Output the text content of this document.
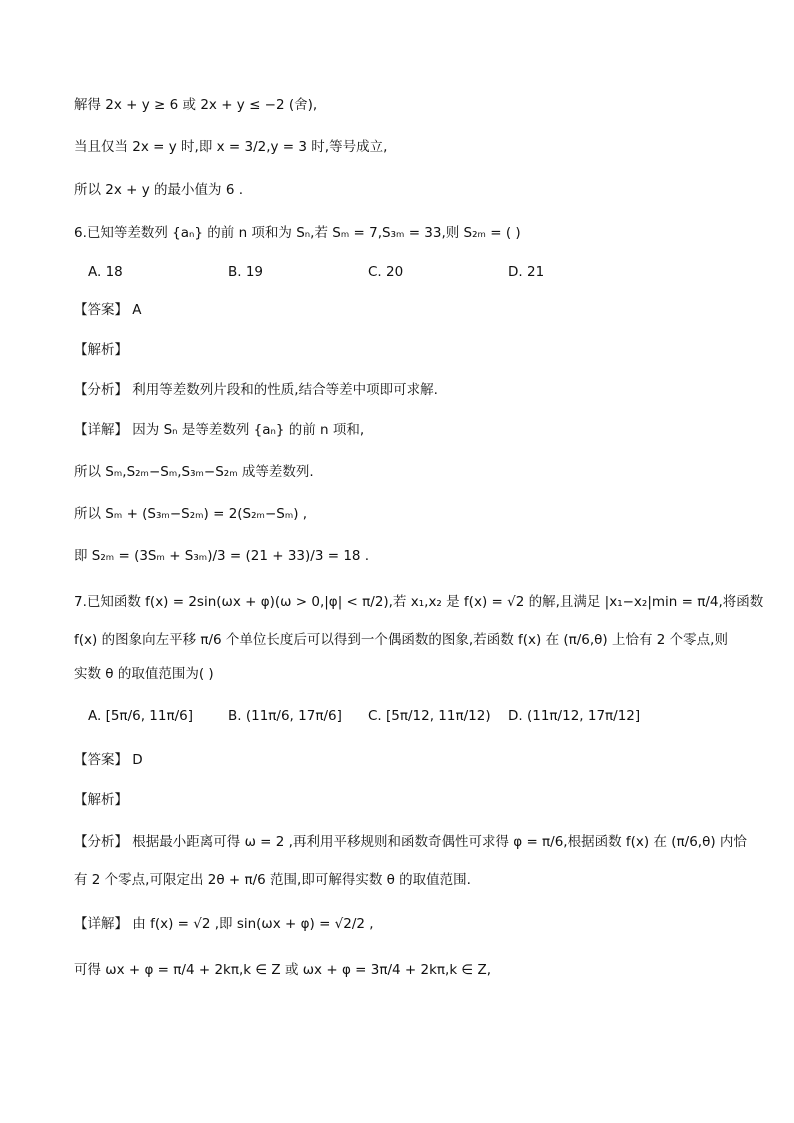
解得 2x + y ≥ 6 或 2x + y ≤ −2 (舍),
当且仅当 2x = y 时,即 x = 3/2,y = 3 时,等号成立,
所以 2x + y 的最小值为 6 .
6.已知等差数列 {aₙ} 的前 n 项和为 Sₙ,若 Sₘ = 7,S₃ₘ = 33,则 S₂ₘ = ( )
A. 18	B. 19	C. 20	D. 21
【答案】 A
【解析】
【分析】 利用等差数列片段和的性质,结合等差中项即可求解.
【详解】 因为 Sₙ 是等差数列 {aₙ} 的前 n 项和,
所以 Sₘ,S₂ₘ−Sₘ,S₃ₘ−S₂ₘ 成等差数列.
所以 Sₘ + (S₃ₘ−S₂ₘ) = 2(S₂ₘ−Sₘ) ,
即 S₂ₘ = (3Sₘ + S₃ₘ)/3 = (21 + 33)/3 = 18 .
7.已知函数 f(x) = 2sin(ωx + φ)(ω > 0,|φ| < π/2),若 x₁,x₂ 是 f(x) = √2 的解,且满足 |x₁−x₂|min = π/4,将函数
f(x) 的图象向左平移 π/6 个单位长度后可以得到一个偶函数的图象,若函数 f(x) 在 (π/6,θ) 上恰有 2 个零点,则
实数 θ 的取值范围为( )
A. [5π/6, 11π/6]	B. (11π/6, 17π/6] C. [5π/12, 11π/12) D. (11π/12, 17π/12]
【答案】 D
【解析】
【分析】 根据最小距离可得 ω = 2 ,再利用平移规则和函数奇偶性可求得 φ = π/6,根据函数 f(x) 在 (π/6,θ) 内恰
有 2 个零点,可限定出 2θ + π/6 范围,即可解得实数 θ 的取值范围.
【详解】 由 f(x) = √2 ,即 sin(ωx + φ) = √2/2 ,
可得 ωx + φ = π/4 + 2kπ,k ∈ Z 或 ωx + φ = 3π/4 + 2kπ,k ∈ Z,
